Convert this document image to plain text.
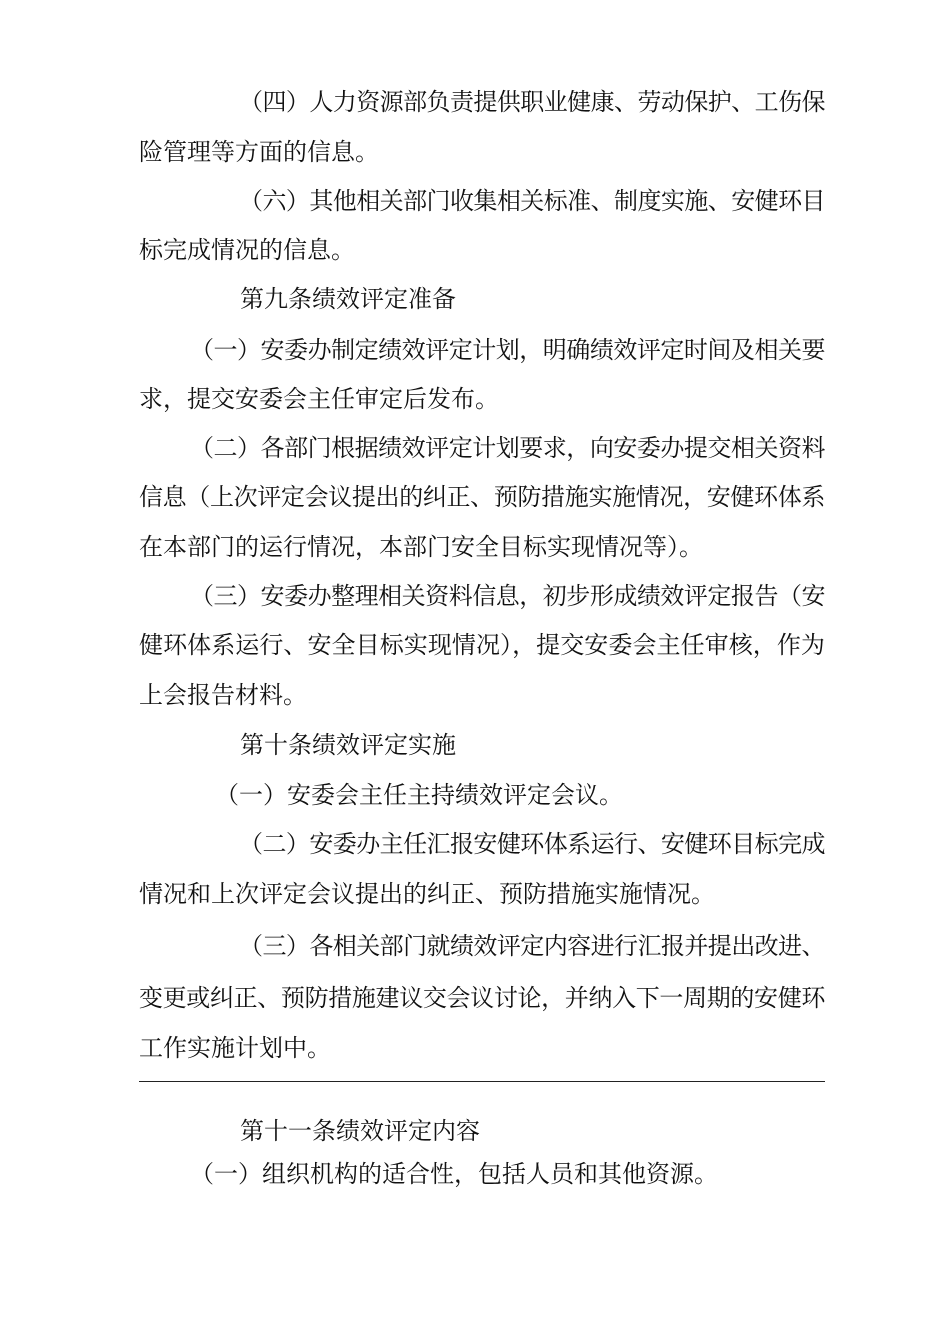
（四）人力资源部负责提供职业健康、劳动保护、工伤保
险管理等方面的信息。
（六）其他相关部门收集相关标准、制度实施、安健环目
标完成情况的信息。
第九条绩效评定准备
（一）安委办制定绩效评定计划，明确绩效评定时间及相关要
求，提交安委会主任审定后发布。
（二）各部门根据绩效评定计划要求，向安委办提交相关资料
信息（上次评定会议提出的纠正、预防措施实施情况，安健环体系
在本部门的运行情况，本部门安全目标实现情况等）。
（三）安委办整理相关资料信息，初步形成绩效评定报告（安
健环体系运行、安全目标实现情况），提交安委会主任审核，作为
上会报告材料。
第十条绩效评定实施
（一）安委会主任主持绩效评定会议。
（二）安委办主任汇报安健环体系运行、安健环目标完成
情况和上次评定会议提出的纠正、预防措施实施情况。
（三）各相关部门就绩效评定内容进行汇报并提出改进、
变更或纠正、预防措施建议交会议讨论，并纳入下一周期的安健环
工作实施计划中。
第十一条绩效评定内容
（一）组织机构的适合性，包括人员和其他资源。
